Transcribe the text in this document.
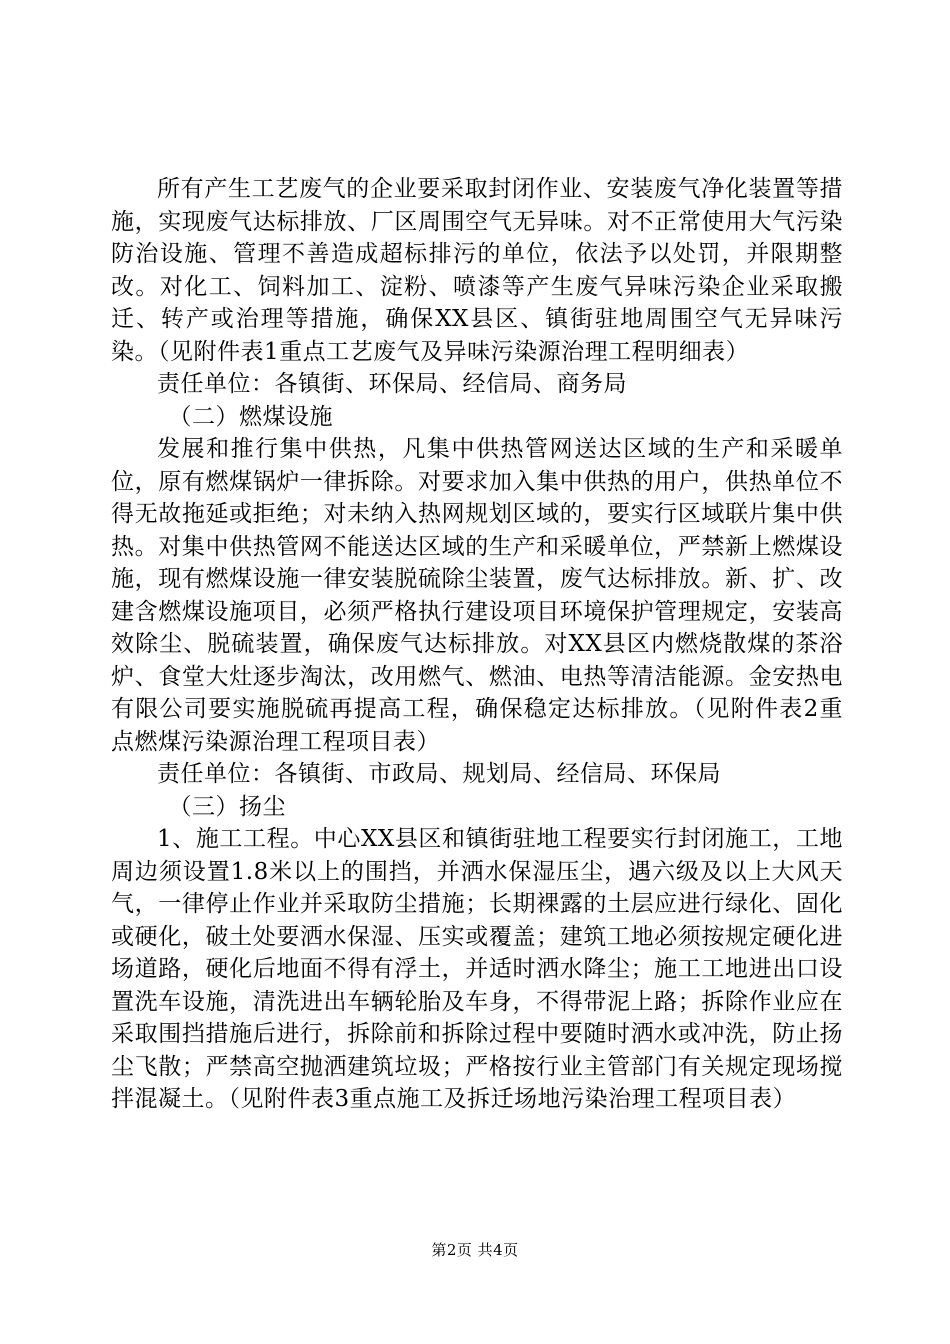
所有产生工艺废气的企业要采取封闭作业、安装废气净化装置等措施，实现废气达标排放、厂区周围空气无异味。对不正常使用大气污染防治设施、管理不善造成超标排污的单位，依法予以处罚，并限期整改。对化工、饲料加工、淀粉、喷漆等产生废气异味污染企业采取搬迁、转产或治理等措施，确保XX县区、镇街驻地周围空气无异味污染。（见附件表1重点工艺废气及异味污染源治理工程明细表）

责任单位：各镇街、环保局、经信局、商务局

（二）燃煤设施

发展和推行集中供热，凡集中供热管网送达区域的生产和采暖单位，原有燃煤锅炉一律拆除。对要求加入集中供热的用户，供热单位不得无故拖延或拒绝；对未纳入热网规划区域的，要实行区域联片集中供热。对集中供热管网不能送达区域的生产和采暖单位，严禁新上燃煤设施，现有燃煤设施一律安装脱硫除尘装置，废气达标排放。新、扩、改建含燃煤设施项目，必须严格执行建设项目环境保护管理规定，安装高效除尘、脱硫装置，确保废气达标排放。对XX县区内燃烧散煤的茶浴炉、食堂大灶逐步淘汰，改用燃气、燃油、电热等清洁能源。金安热电有限公司要实施脱硫再提高工程，确保稳定达标排放。（见附件表2重点燃煤污染源治理工程项目表）

责任单位：各镇街、市政局、规划局、经信局、环保局

（三）扬尘

1、施工工程。中心XX县区和镇街驻地工程要实行封闭施工，工地周边须设置1.8米以上的围挡，并洒水保湿压尘，遇六级及以上大风天气，一律停止作业并采取防尘措施；长期裸露的土层应进行绿化、固化或硬化，破土处要洒水保湿、压实或覆盖；建筑工地必须按规定硬化进场道路，硬化后地面不得有浮土，并适时洒水降尘；施工工地进出口设置洗车设施，清洗进出车辆轮胎及车身，不得带泥上路；拆除作业应在采取围挡措施后进行，拆除前和拆除过程中要随时洒水或冲洗，防止扬尘飞散；严禁高空抛洒建筑垃圾；严格按行业主管部门有关规定现场搅拌混凝土。（见附件表3重点施工及拆迁场地污染治理工程项目表）

第2页 共4页
